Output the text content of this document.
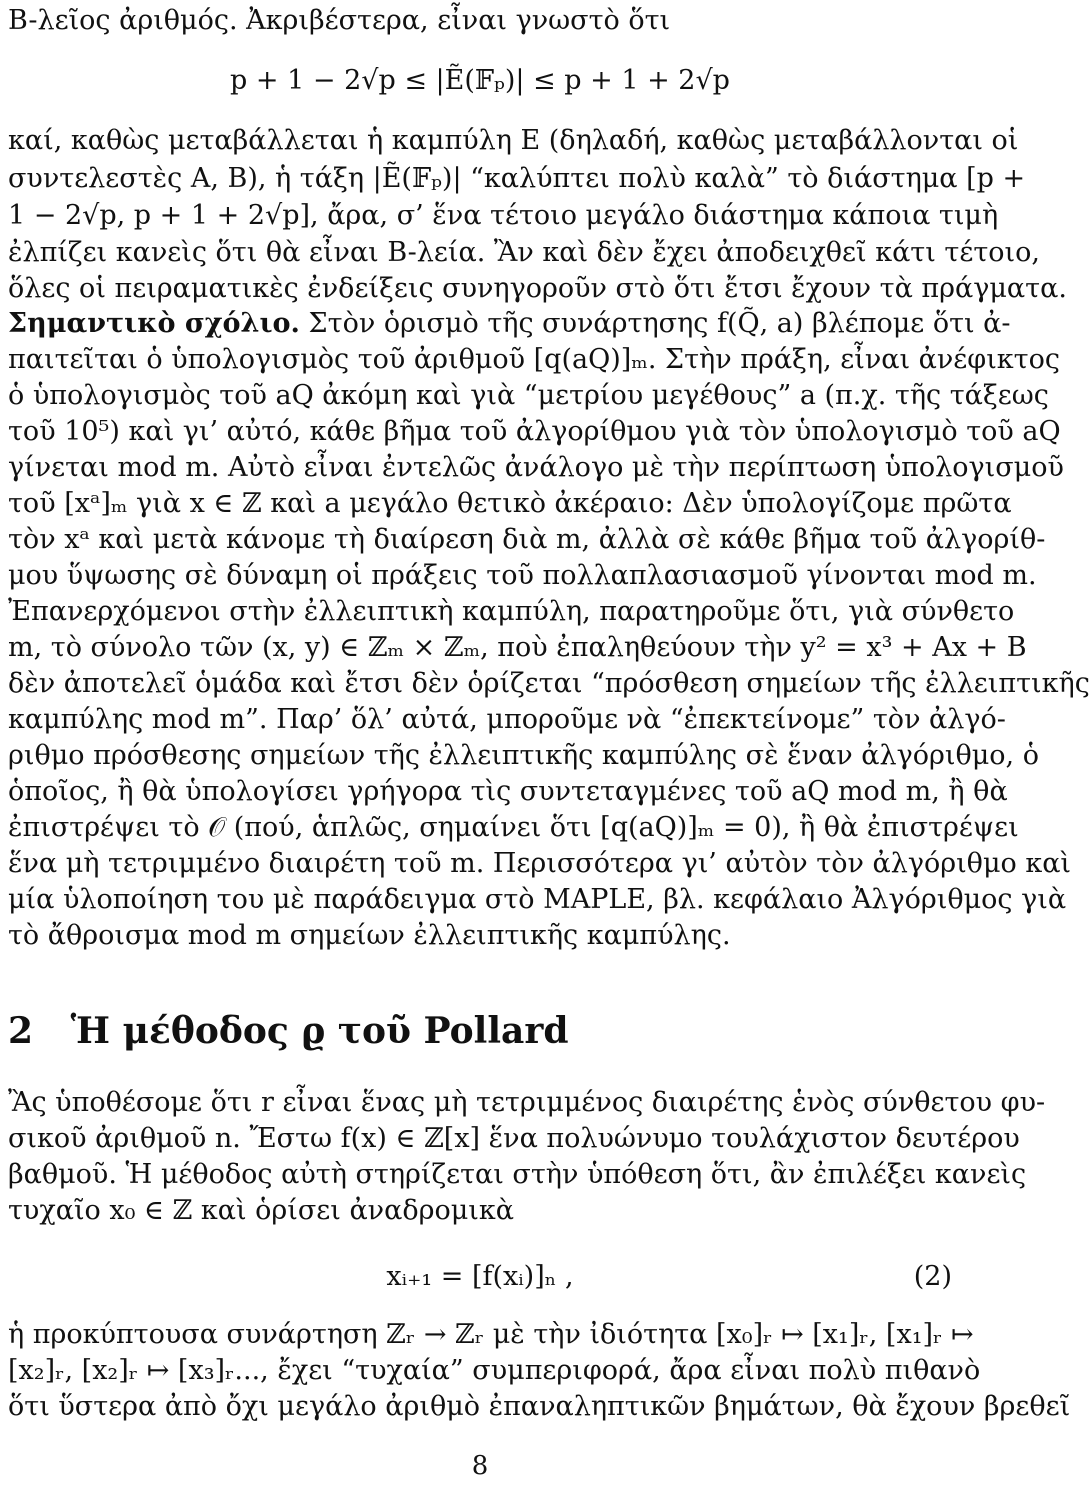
B-λεῖος ἀριθμός. Ἀκριβέστερα, εἶναι γνωστὸ ὅτι
p + 1 − 2√p ≤ |Ẽ(𝔽ₚ)| ≤ p + 1 + 2√p
καί, καθὼς μεταβάλλεται ἡ καμπύλη E (δηλαδή, καθὼς μεταβάλλονται οἱ
συντελεστὲς A, B), ἡ τάξη |Ẽ(𝔽ₚ)| “καλύπτει πολὺ καλὰ” τὸ διάστημα [p +
1 − 2√p, p + 1 + 2√p], ἄρα, σ’ ἕνα τέτοιο μεγάλο διάστημα κάποια τιμὴ
ἐλπίζει κανεὶς ὅτι θὰ εἶναι B-λεία. Ἂν καὶ δὲν ἔχει ἀποδειχθεῖ κάτι τέτοιο,
ὅλες οἱ πειραματικὲς ἐνδείξεις συνηγοροῦν στὸ ὅτι ἔτσι ἔχουν τὰ πράγματα.
Σημαντικὸ σχόλιο. Στὸν ὁρισμὸ τῆς συνάρτησης f(Q̃, a) βλέπομε ὅτι ἀ-
παιτεῖται ὁ ὑπολογισμὸς τοῦ ἀριθμοῦ [q(aQ)]ₘ. Στὴν πράξη, εἶναι ἀνέφικτος
ὁ ὑπολογισμὸς τοῦ aQ ἀκόμη καὶ γιὰ “μετρίου μεγέθους” a (π.χ. τῆς τάξεως
τοῦ 10⁵) καὶ γι’ αὐτό, κάθε βῆμα τοῦ ἀλγορίθμου γιὰ τὸν ὑπολογισμὸ τοῦ aQ
γίνεται mod m. Αὐτὸ εἶναι ἐντελῶς ἀνάλογο μὲ τὴν περίπτωση ὑπολογισμοῦ
τοῦ [xᵃ]ₘ γιὰ x ∈ ℤ καὶ a μεγάλο θετικὸ ἀκέραιο: Δὲν ὑπολογίζομε πρῶτα
τὸν xᵃ καὶ μετὰ κάνομε τὴ διαίρεση διὰ m, ἀλλὰ σὲ κάθε βῆμα τοῦ ἀλγορίθ-
μου ὕψωσης σὲ δύναμη οἱ πράξεις τοῦ πολλαπλασιασμοῦ γίνονται mod m.
Ἐπανερχόμενοι στὴν ἐλλειπτικὴ καμπύλη, παρατηροῦμε ὅτι, γιὰ σύνθετο
m, τὸ σύνολο τῶν (x, y) ∈ ℤₘ × ℤₘ, ποὺ ἐπαληθεύουν τὴν y² = x³ + Ax + B
δὲν ἀποτελεῖ ὁμάδα καὶ ἔτσι δὲν ὁρίζεται “πρόσθεση σημείων τῆς ἐλλειπτικῆς
καμπύλης mod m”. Παρ’ ὅλ’ αὐτά, μποροῦμε νὰ “ἐπεκτείνομε” τὸν ἀλγό-
ριθμο πρόσθεσης σημείων τῆς ἐλλειπτικῆς καμπύλης σὲ ἕναν ἀλγόριθμο, ὁ
ὁποῖος, ἢ θὰ ὑπολογίσει γρήγορα τὶς συντεταγμένες τοῦ aQ mod m, ἢ θὰ
ἐπιστρέψει τὸ 𝒪 (πού, ἁπλῶς, σημαίνει ὅτι [q(aQ)]ₘ = 0), ἢ θὰ ἐπιστρέψει
ἕνα μὴ τετριμμένο διαιρέτη τοῦ m. Περισσότερα γι’ αὐτὸν τὸν ἀλγόριθμο καὶ
μία ὑλοποίηση του μὲ παράδειγμα στὸ MAPLE, βλ. κεφάλαιο Ἀλγόριθμος γιὰ
τὸ ἄθροισμα mod m σημείων ἐλλειπτικῆς καμπύλης.
2 Ἡ μέθοδος ϱ τοῦ Pollard
Ἂς ὑποθέσομε ὅτι r εἶναι ἕνας μὴ τετριμμένος διαιρέτης ἑνὸς σύνθετου φυ-
σικοῦ ἀριθμοῦ n. Ἔστω f(x) ∈ ℤ[x] ἕνα πολυώνυμο τουλάχιστον δευτέρου
βαθμοῦ. Ἡ μέθοδος αὐτὴ στηρίζεται στὴν ὑπόθεση ὅτι, ἂν ἐπιλέξει κανεὶς
τυχαῖο x₀ ∈ ℤ καὶ ὁρίσει ἀναδρομικὰ
xᵢ₊₁ = [f(xᵢ)]ₙ ,	(2)
ἡ προκύπτουσα συνάρτηση ℤᵣ → ℤᵣ μὲ τὴν ἰδιότητα [x₀]ᵣ ↦ [x₁]ᵣ, [x₁]ᵣ ↦
[x₂]ᵣ, [x₂]ᵣ ↦ [x₃]ᵣ..., ἔχει “τυχαία” συμπεριφορά, ἄρα εἶναι πολὺ πιθανὸ
ὅτι ὕστερα ἀπὸ ὄχι μεγάλο ἀριθμὸ ἐπαναληπτικῶν βημάτων, θὰ ἔχουν βρεθεῖ
8
